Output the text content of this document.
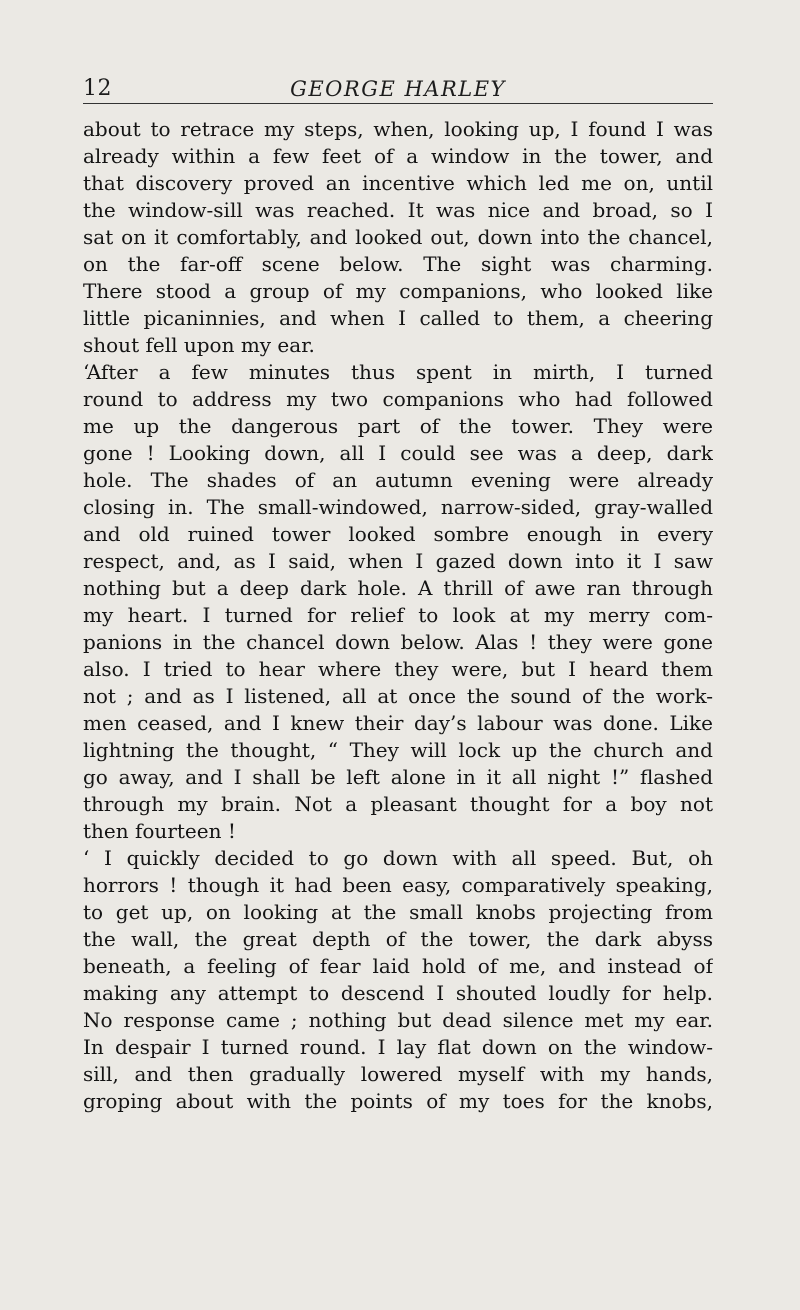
12	GEORGE HARLEY
about to retrace my steps, when, looking up, I found I was
already within a few feet of a window in the tower, and
that discovery proved an incentive which led me on, until
the window-sill was reached. It was nice and broad, so I
sat on it comfortably, and looked out, down into the chancel,
on the far-off scene below. The sight was charming.
There stood a group of my companions, who looked like
little picaninnies, and when I called to them, a cheering
shout fell upon my ear.
‘After a few minutes thus spent in mirth, I turned
round to address my two companions who had followed
me up the dangerous part of the tower. They were
gone ! Looking down, all I could see was a deep, dark
hole. The shades of an autumn evening were already
closing in. The small-windowed, narrow-sided, gray-walled
and old ruined tower looked sombre enough in every
respect, and, as I said, when I gazed down into it I saw
nothing but a deep dark hole. A thrill of awe ran through
my heart. I turned for relief to look at my merry com-
panions in the chancel down below. Alas ! they were gone
also. I tried to hear where they were, but I heard them
not ; and as I listened, all at once the sound of the work-
men ceased, and I knew their day’s labour was done. Like
lightning the thought, “ They will lock up the church and
go away, and I shall be left alone in it all night !” flashed
through my brain. Not a pleasant thought for a boy not
then fourteen !
‘ I quickly decided to go down with all speed. But, oh
horrors ! though it had been easy, comparatively speaking,
to get up, on looking at the small knobs projecting from
the wall, the great depth of the tower, the dark abyss
beneath, a feeling of fear laid hold of me, and instead of
making any attempt to descend I shouted loudly for help.
No response came ; nothing but dead silence met my ear.
In despair I turned round. I lay flat down on the window-
sill, and then gradually lowered myself with my hands,
groping about with the points of my toes for the knobs,
